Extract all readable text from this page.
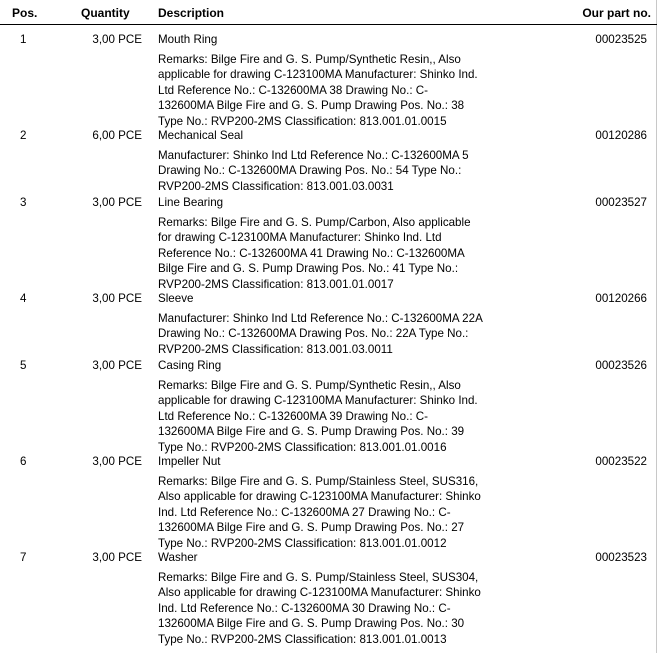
Pos.	Quantity Description	Our part no.
1	3,00 PCE Mouth Ring	00023525
Remarks: Bilge Fire and G. S. Pump/Synthetic Resin,, Also
applicable for drawing C-123100MA Manufacturer: Shinko Ind.
Ltd Reference No.: C-132600MA 38 Drawing No.: C-
132600MA Bilge Fire and G. S. Pump Drawing Pos. No.: 38
Type No.: RVP200-2MS Classification: 813.001.01.0015
2	6,00 PCE Mechanical Seal	00120286
Manufacturer: Shinko Ind Ltd Reference No.: C-132600MA 5
Drawing No.: C-132600MA Drawing Pos. No.: 54 Type No.:
RVP200-2MS Classification: 813.001.03.0031
3	3,00 PCE Line Bearing	00023527
Remarks: Bilge Fire and G. S. Pump/Carbon, Also applicable
for drawing C-123100MA Manufacturer: Shinko Ind. Ltd
Reference No.: C-132600MA 41 Drawing No.: C-132600MA
Bilge Fire and G. S. Pump Drawing Pos. No.: 41 Type No.:
RVP200-2MS Classification: 813.001.01.0017
4	3,00 PCE Sleeve	00120266
Manufacturer: Shinko Ind Ltd Reference No.: C-132600MA 22A
Drawing No.: C-132600MA Drawing Pos. No.: 22A Type No.:
RVP200-2MS Classification: 813.001.03.0011
5	3,00 PCE Casing Ring	00023526
Remarks: Bilge Fire and G. S. Pump/Synthetic Resin,, Also
applicable for drawing C-123100MA Manufacturer: Shinko Ind.
Ltd Reference No.: C-132600MA 39 Drawing No.: C-
132600MA Bilge Fire and G. S. Pump Drawing Pos. No.: 39
Type No.: RVP200-2MS Classification: 813.001.01.0016
6	3,00 PCE Impeller Nut	00023522
Remarks: Bilge Fire and G. S. Pump/Stainless Steel, SUS316,
Also applicable for drawing C-123100MA Manufacturer: Shinko
Ind. Ltd Reference No.: C-132600MA 27 Drawing No.: C-
132600MA Bilge Fire and G. S. Pump Drawing Pos. No.: 27
Type No.: RVP200-2MS Classification: 813.001.01.0012
7	3,00 PCE Washer	00023523
Remarks: Bilge Fire and G. S. Pump/Stainless Steel, SUS304,
Also applicable for drawing C-123100MA Manufacturer: Shinko
Ind. Ltd Reference No.: C-132600MA 30 Drawing No.: C-
132600MA Bilge Fire and G. S. Pump Drawing Pos. No.: 30
Type No.: RVP200-2MS Classification: 813.001.01.0013
